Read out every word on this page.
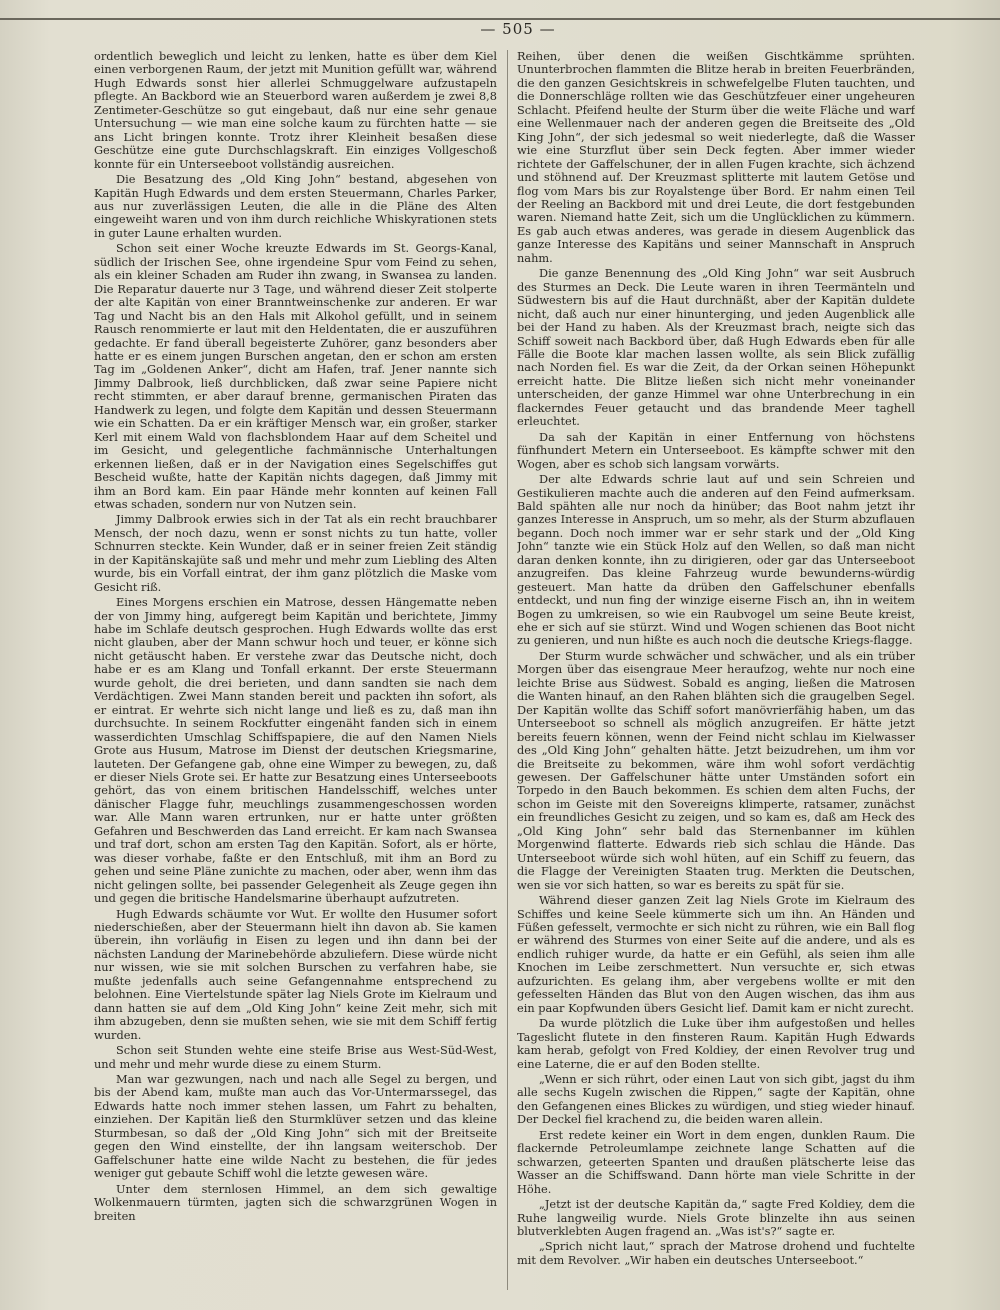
— 505 —

ordentlich beweglich und leicht zu lenken, hatte es über dem Kiel einen verborgenen Raum, der jetzt mit Munition gefüllt war, während Hugh Edwards sonst hier allerlei Schmuggelware aufzustapeln pflegte. An Backbord wie an Steuerbord waren außerdem je zwei 8,8 Zentimeter-Geschütze so gut eingebaut, daß nur eine sehr genaue Untersuchung — wie man eine solche kaum zu fürchten hatte — sie ans Licht bringen konnte. Trotz ihrer Kleinheit besaßen diese Geschütze eine gute Durchschlagskraft. Ein einziges Vollgeschoß konnte für ein Unterseeboot vollständig ausreichen.

Die Besatzung des „Old King John“ bestand, abgesehen von Kapitän Hugh Edwards und dem ersten Steuermann, Charles Parker, aus nur zuverlässigen Leuten, die alle in die Pläne des Alten eingeweiht waren und von ihm durch reichliche Whiskyrationen stets in guter Laune erhalten wurden.

Schon seit einer Woche kreuzte Edwards im St. Georgs-Kanal, südlich der Irischen See, ohne irgendeine Spur vom Feind zu sehen, als ein kleiner Schaden am Ruder ihn zwang, in Swansea zu landen. Die Reparatur dauerte nur 3 Tage, und während dieser Zeit stolperte der alte Kapitän von einer Branntweinschenke zur anderen. Er war Tag und Nacht bis an den Hals mit Alkohol gefüllt, und in seinem Rausch renommierte er laut mit den Heldentaten, die er auszuführen gedachte. Er fand überall begeisterte Zuhörer, ganz besonders aber hatte er es einem jungen Burschen angetan, den er schon am ersten Tag im „Goldenen Anker“, dicht am Hafen, traf. Jener nannte sich Jimmy Dalbrook, ließ durchblicken, daß zwar seine Papiere nicht recht stimmten, er aber darauf brenne, germanischen Piraten das Handwerk zu legen, und folgte dem Kapitän und dessen Steuermann wie ein Schatten. Da er ein kräftiger Mensch war, ein großer, starker Kerl mit einem Wald von flachsblondem Haar auf dem Scheitel und im Gesicht, und gelegentliche fachmännische Unterhaltungen erkennen ließen, daß er in der Navigation eines Segelschiffes gut Bescheid wußte, hatte der Kapitän nichts dagegen, daß Jimmy mit ihm an Bord kam. Ein paar Hände mehr konnten auf keinen Fall etwas schaden, sondern nur von Nutzen sein.

Jimmy Dalbrook erwies sich in der Tat als ein recht brauchbarer Mensch, der noch dazu, wenn er sonst nichts zu tun hatte, voller Schnurren steckte. Kein Wunder, daß er in seiner freien Zeit ständig in der Kapitänskajüte saß und mehr und mehr zum Liebling des Alten wurde, bis ein Vorfall eintrat, der ihm ganz plötzlich die Maske vom Gesicht riß.

Eines Morgens erschien ein Matrose, dessen Hängematte neben der von Jimmy hing, aufgeregt beim Kapitän und berichtete, Jimmy habe im Schlafe deutsch gesprochen. Hugh Edwards wollte das erst nicht glauben, aber der Mann schwur hoch und teuer, er könne sich nicht getäuscht haben. Er verstehe zwar das Deutsche nicht, doch habe er es am Klang und Tonfall erkannt. Der erste Steuermann wurde geholt, die drei berieten, und dann sandten sie nach dem Verdächtigen. Zwei Mann standen bereit und packten ihn sofort, als er eintrat. Er wehrte sich nicht lange und ließ es zu, daß man ihn durchsuchte. In seinem Rockfutter eingenäht fanden sich in einem wasserdichten Umschlag Schiffspapiere, die auf den Namen Niels Grote aus Husum, Matrose im Dienst der deutschen Kriegsmarine, lauteten. Der Gefangene gab, ohne eine Wimper zu bewegen, zu, daß er dieser Niels Grote sei. Er hatte zur Besatzung eines Unterseeboots gehört, das von einem britischen Handelsschiff, welches unter dänischer Flagge fuhr, meuchlings zusammengeschossen worden war. Alle Mann waren ertrunken, nur er hatte unter größten Gefahren und Beschwerden das Land erreicht. Er kam nach Swansea und traf dort, schon am ersten Tag den Kapitän. Sofort, als er hörte, was dieser vorhabe, faßte er den Entschluß, mit ihm an Bord zu gehen und seine Pläne zunichte zu machen, oder aber, wenn ihm das nicht gelingen sollte, bei passender Gelegenheit als Zeuge gegen ihn und gegen die britische Handelsmarine überhaupt aufzutreten.

Hugh Edwards schäumte vor Wut. Er wollte den Husumer sofort niederschießen, aber der Steuermann hielt ihn davon ab. Sie kamen überein, ihn vorläufig in Eisen zu legen und ihn dann bei der nächsten Landung der Marinebehörde abzuliefern. Diese würde nicht nur wissen, wie sie mit solchen Burschen zu verfahren habe, sie mußte jedenfalls auch seine Gefangennahme entsprechend zu belohnen. Eine Viertelstunde später lag Niels Grote im Kielraum und dann hatten sie auf dem „Old King John“ keine Zeit mehr, sich mit ihm abzugeben, denn sie mußten sehen, wie sie mit dem Schiff fertig wurden.

Schon seit Stunden wehte eine steife Brise aus West-Süd-West, und mehr und mehr wurde diese zu einem Sturm.

Man war gezwungen, nach und nach alle Segel zu bergen, und bis der Abend kam, mußte man auch das Vor-Untermarssegel, das Edwards hatte noch immer stehen lassen, um Fahrt zu behalten, einziehen. Der Kapitän ließ den Sturmklüver setzen und das kleine Sturmbesan, so daß der „Old King John“ sich mit der Breitseite gegen den Wind einstellte, der ihn langsam weiterschob. Der Gaffelschuner hatte eine wilde Nacht zu bestehen, die für jedes weniger gut gebaute Schiff wohl die letzte gewesen wäre.

Unter dem sternlosen Himmel, an dem sich gewaltige Wolkenmauern türmten, jagten sich die schwarzgrünen Wogen in breiten

Reihen, über denen die weißen Gischtkämme sprühten. Ununterbrochen flammten die Blitze herab in breiten Feuerbränden, die den ganzen Gesichtskreis in schwefelgelbe Fluten tauchten, und die Donnerschläge rollten wie das Geschützfeuer einer ungeheuren Schlacht. Pfeifend heulte der Sturm über die weite Fläche und warf eine Wellenmauer nach der anderen gegen die Breitseite des „Old King John“, der sich jedesmal so weit niederlegte, daß die Wasser wie eine Sturzflut über sein Deck fegten. Aber immer wieder richtete der Gaffelschuner, der in allen Fugen krachte, sich ächzend und stöhnend auf. Der Kreuzmast splitterte mit lautem Getöse und flog vom Mars bis zur Royalstenge über Bord. Er nahm einen Teil der Reeling an Backbord mit und drei Leute, die dort festgebunden waren. Niemand hatte Zeit, sich um die Unglücklichen zu kümmern. Es gab auch etwas anderes, was gerade in diesem Augenblick das ganze Interesse des Kapitäns und seiner Mannschaft in Anspruch nahm.

Die ganze Benennung des „Old King John“ war seit Ausbruch des Sturmes an Deck. Die Leute waren in ihren Teermänteln und Südwestern bis auf die Haut durchnäßt, aber der Kapitän duldete nicht, daß auch nur einer hinunterging, und jeden Augenblick alle bei der Hand zu haben. Als der Kreuzmast brach, neigte sich das Schiff soweit nach Backbord über, daß Hugh Edwards eben für alle Fälle die Boote klar machen lassen wollte, als sein Blick zufällig nach Norden fiel. Es war die Zeit, da der Orkan seinen Höhepunkt erreicht hatte. Die Blitze ließen sich nicht mehr voneinander unterscheiden, der ganze Himmel war ohne Unterbrechung in ein flackerndes Feuer getaucht und das brandende Meer taghell erleuchtet.

Da sah der Kapitän in einer Entfernung von höchstens fünfhundert Metern ein Unterseeboot. Es kämpfte schwer mit den Wogen, aber es schob sich langsam vorwärts.

Der alte Edwards schrie laut auf und sein Schreien und Gestikulieren machte auch die anderen auf den Feind aufmerksam. Bald spähten alle nur noch da hinüber; das Boot nahm jetzt ihr ganzes Interesse in Anspruch, um so mehr, als der Sturm abzuflauen begann. Doch noch immer war er sehr stark und der „Old King John“ tanzte wie ein Stück Holz auf den Wellen, so daß man nicht daran denken konnte, ihn zu dirigieren, oder gar das Unterseeboot anzugreifen. Das kleine Fahrzeug wurde bewunderns-würdig gesteuert. Man hatte da drüben den Gaffelschuner ebenfalls entdeckt, und nun fing der winzige eiserne Fisch an, ihn in weitem Bogen zu umkreisen, so wie ein Raubvogel um seine Beute kreist, ehe er sich auf sie stürzt. Wind und Wogen schienen das Boot nicht zu genieren, und nun hißte es auch noch die deutsche Kriegs-flagge.

Der Sturm wurde schwächer und schwächer, und als ein trüber Morgen über das eisengraue Meer heraufzog, wehte nur noch eine leichte Brise aus Südwest. Sobald es anging, ließen die Matrosen die Wanten hinauf, an den Rahen blähten sich die graugelben Segel. Der Kapitän wollte das Schiff sofort manövrierfähig haben, um das Unterseeboot so schnell als möglich anzugreifen. Er hätte jetzt bereits feuern können, wenn der Feind nicht schlau im Kielwasser des „Old King John“ gehalten hätte. Jetzt beizudrehen, um ihm vor die Breitseite zu bekommen, wäre ihm wohl sofort verdächtig gewesen. Der Gaffelschuner hätte unter Umständen sofort ein Torpedo in den Bauch bekommen. Es schien dem alten Fuchs, der schon im Geiste mit den Sovereigns klimperte, ratsamer, zunächst ein freundliches Gesicht zu zeigen, und so kam es, daß am Heck des „Old King John“ sehr bald das Sternenbanner im kühlen Morgenwind flatterte. Edwards rieb sich schlau die Hände. Das Unterseeboot würde sich wohl hüten, auf ein Schiff zu feuern, das die Flagge der Vereinigten Staaten trug. Merkten die Deutschen, wen sie vor sich hatten, so war es bereits zu spät für sie.

Während dieser ganzen Zeit lag Niels Grote im Kielraum des Schiffes und keine Seele kümmerte sich um ihn. An Händen und Füßen gefesselt, vermochte er sich nicht zu rühren, wie ein Ball flog er während des Sturmes von einer Seite auf die andere, und als es endlich ruhiger wurde, da hatte er ein Gefühl, als seien ihm alle Knochen im Leibe zerschmettert. Nun versuchte er, sich etwas aufzurichten. Es gelang ihm, aber vergebens wollte er mit den gefesselten Händen das Blut von den Augen wischen, das ihm aus ein paar Kopfwunden übers Gesicht lief. Damit kam er nicht zurecht.

Da wurde plötzlich die Luke über ihm aufgestoßen und helles Tageslicht flutete in den finsteren Raum. Kapitän Hugh Edwards kam herab, gefolgt von Fred Koldiey, der einen Revolver trug und eine Laterne, die er auf den Boden stellte.

„Wenn er sich rührt, oder einen Laut von sich gibt, jagst du ihm alle sechs Kugeln zwischen die Rippen,“ sagte der Kapitän, ohne den Gefangenen eines Blickes zu würdigen, und stieg wieder hinauf. Der Deckel fiel krachend zu, die beiden waren allein.

Erst redete keiner ein Wort in dem engen, dunklen Raum. Die flackernde Petroleumlampe zeichnete lange Schatten auf die schwarzen, geteerten Spanten und draußen plätscherte leise das Wasser an die Schiffswand. Dann hörte man viele Schritte in der Höhe.

„Jetzt ist der deutsche Kapitän da,“ sagte Fred Koldiey, dem die Ruhe langweilig wurde. Niels Grote blinzelte ihn aus seinen blutverklebten Augen fragend an. „Was ist's?“ sagte er.

„Sprich nicht laut,“ sprach der Matrose drohend und fuchtelte mit dem Revolver. „Wir haben ein deutsches Unterseeboot.“
